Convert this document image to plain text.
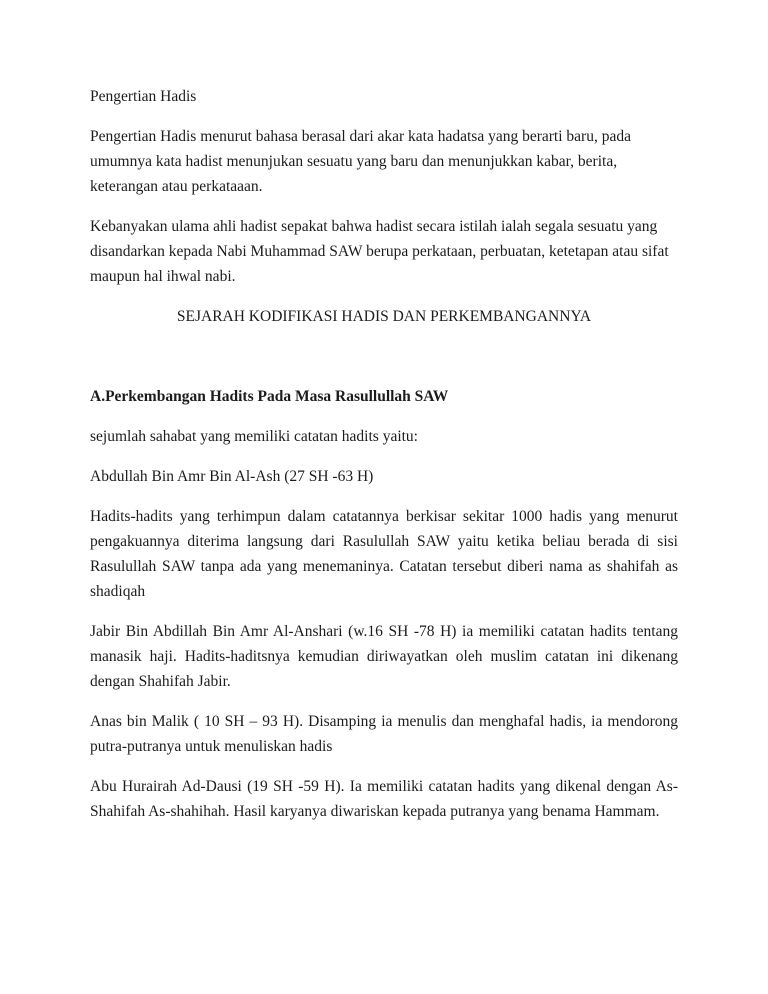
Pengertian Hadis

Pengertian Hadis menurut bahasa berasal dari akar kata hadatsa yang berarti baru, pada umumnya kata hadist menunjukan sesuatu yang baru dan menunjukkan kabar, berita, keterangan atau perkataaan.

Kebanyakan ulama ahli hadist sepakat bahwa hadist secara istilah ialah segala sesuatu yang disandarkan kepada Nabi Muhammad SAW berupa perkataan, perbuatan, ketetapan atau sifat maupun hal ihwal nabi.

SEJARAH KODIFIKASI HADIS DAN PERKEMBANGANNYA

A.Perkembangan Hadits Pada Masa Rasullullah SAW

sejumlah sahabat yang memiliki catatan hadits yaitu:

Abdullah Bin Amr Bin Al-Ash (27 SH -63 H)

Hadits-hadits yang terhimpun dalam catatannya berkisar sekitar 1000 hadis yang menurut pengakuannya diterima langsung dari Rasulullah SAW yaitu ketika beliau berada di sisi Rasulullah SAW tanpa ada yang menemaninya. Catatan tersebut diberi nama as shahifah as shadiqah

Jabir Bin Abdillah Bin Amr Al-Anshari (w.16 SH -78 H) ia memiliki catatan hadits tentang manasik haji. Hadits-haditsnya kemudian diriwayatkan oleh muslim catatan ini dikenang dengan Shahifah Jabir.

Anas bin Malik ( 10 SH – 93 H). Disamping ia menulis dan menghafal hadis, ia mendorong putra-putranya untuk menuliskan hadis

Abu Hurairah Ad-Dausi (19 SH -59 H). Ia memiliki catatan hadits yang dikenal dengan As-Shahifah As-shahihah. Hasil karyanya diwariskan kepada putranya yang benama Hammam.
